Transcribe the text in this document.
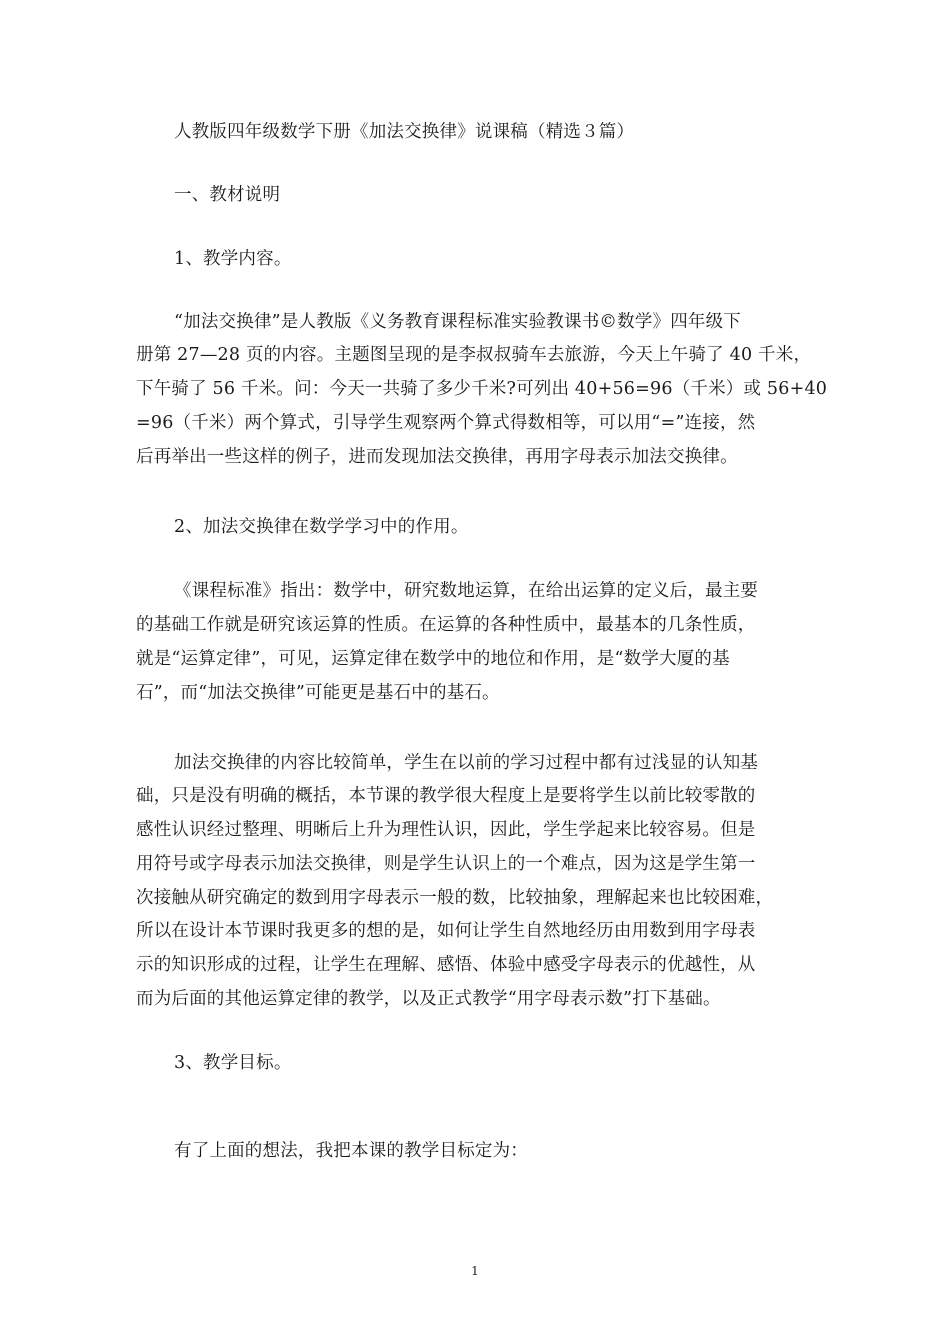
人教版四年级数学下册《加法交换律》说课稿（精选３篇）
一、教材说明
1、教学内容。
“加法交换律”是人教版《义务教育课程标准实验教课书©数学》四年级下
册第 27—28 页的内容。主题图呈现的是李叔叔骑车去旅游，今天上午骑了 40 千米，
下午骑了 56 千米。问：今天一共骑了多少千米?可列出 40+56=96（千米）或 56+40
=96（千米）两个算式，引导学生观察两个算式得数相等，可以用“=”连接，然
后再举出一些这样的例子，进而发现加法交换律，再用字母表示加法交换律。
2、加法交换律在数学学习中的作用。
《课程标准》指出：数学中，研究数地运算，在给出运算的定义后，最主要
的基础工作就是研究该运算的性质。在运算的各种性质中，最基本的几条性质，
就是“运算定律”，可见，运算定律在数学中的地位和作用，是“数学大厦的基
石”，而“加法交换律”可能更是基石中的基石。
加法交换律的内容比较简单，学生在以前的学习过程中都有过浅显的认知基
础，只是没有明确的概括，本节课的教学很大程度上是要将学生以前比较零散的
感性认识经过整理、明晰后上升为理性认识，因此，学生学起来比较容易。但是
用符号或字母表示加法交换律，则是学生认识上的一个难点，因为这是学生第一
次接触从研究确定的数到用字母表示一般的数，比较抽象，理解起来也比较困难，
所以在设计本节课时我更多的想的是，如何让学生自然地经历由用数到用字母表
示的知识形成的过程，让学生在理解、感悟、体验中感受字母表示的优越性，从
而为后面的其他运算定律的教学，以及正式教学“用字母表示数”打下基础。
3、教学目标。
有了上面的想法，我把本课的教学目标定为：
1
